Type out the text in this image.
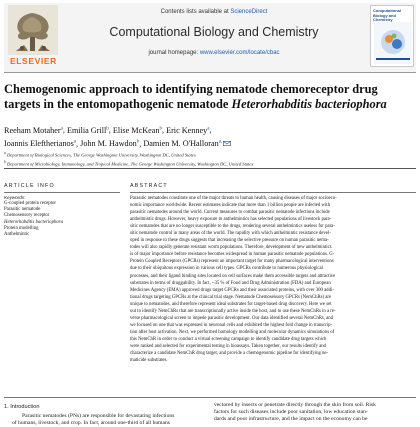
ELSEVIER
Contents lists available at ScienceDirect
Computational Biology and Chemistry
journal homepage: www.elsevier.com/locate/cbac
Computational Biology and Chemistry
Chemogenomic approach to identifying nematode chemoreceptor drug
targets in the entomopathogenic nematode Heterorhabditis bacteriophora
Reeham Motaher$^a$, Emilia Grill$^b$, Elise McKean$^b$, Eric Kenney$^a$,
Ioannis Eleftherianos$^a$, John M. Hawdon$^b$, Damien M. O'Halloran$^{a,}$
$^a$ Department of Biological Sciences, The George Washington University, Washington DC, United States
$^b$ Department of Microbiology, Immunology, and Tropical Medicine, The George Washington University, Washington DC, United States
ARTICLE INFO	ABSTRACT
Keywords:
G-coupled protein receptor
Parasitic nematode
Chemosensory receptor
Heterorhabditis bacteriophora
Protein modelling
Anthelmintic
Parasitic nematodes constitute one of the major threats to human health, causing diseases of major socioeco-
nomic importance worldwide. Recent estimates indicate that more than 1 billion people are infected with
parasitic nematodes around the world. Current measures to combat parasitic nematode infections include
anthelmintic drugs. However, heavy exposure to anthelmintics has selected populations of livestock para-
sitic nematodes that are no longer susceptible to the drugs, rendering several anthelmintics useless for para-
sitic nematode control in many areas of the world. The rapidity with which anthelmintic resistance devel-
oped in response to these drugs suggests that increasing the selective pressure on human parasitic nema-
todes will also rapidly generate resistant worm populations. Therefore, development of new anthelmintics
is of major importance before resistance becomes widespread in human parasitic nematode populations. G-
Protein Coupled Receptors (GPCRs) represent an important target for many pharmacological interventions
due to their ubiquitous expression in various cell types. GPCRs contribute to numerous physiological
processes, and their ligand binding sites located on cell surfaces make them accessible targets and attractive
substrates in terms of druggability. In fact, ~35 % of Food and Drug Administration (FDA) and European
Medicines Agency (EMA) approved drugs target GPCRs and their associated proteins, with over 300 addi-
tional drugs targeting GPCRs at the clinical trial stage. Nematode Chemosensory GPCRs (NemChRs) are
unique to nematodes, and therefore represent ideal substrates for target-based drug discovery. Here we set
out to identify NemChRs that are transcriptionally active inside the host, and to use these NemChRs in a re-
verse pharmacological screen to impede parasitic development. Our data identified several NemChRs, and
we focused on one that was expressed in neuronal cells and exhibited the highest fold change in transcrip-
tion after host activation. Next, we performed homology modelling and molecular dynamics simulations of
this NemChR in order to conduct a virtual screening campaign to identify candidate drug targets which
were ranked and selected for experimental testing in bioassays. Taken together, our results identify and
characterize a candidate NemChR drug target, and provide a chemogenomic pipeline for identifying ne-
maticide substrates.
1. Introduction
Parasitic nematodes (PNs) are responsible for devastating infections
of humans, livestock, and crop. In fact, around one-third of all humans
vectored by insects or penetrate directly through the skin from soil. Risk
factors for such diseases include poor sanitation, low education stan-
dards and poor infrastructure, and the impact on the economy can be
